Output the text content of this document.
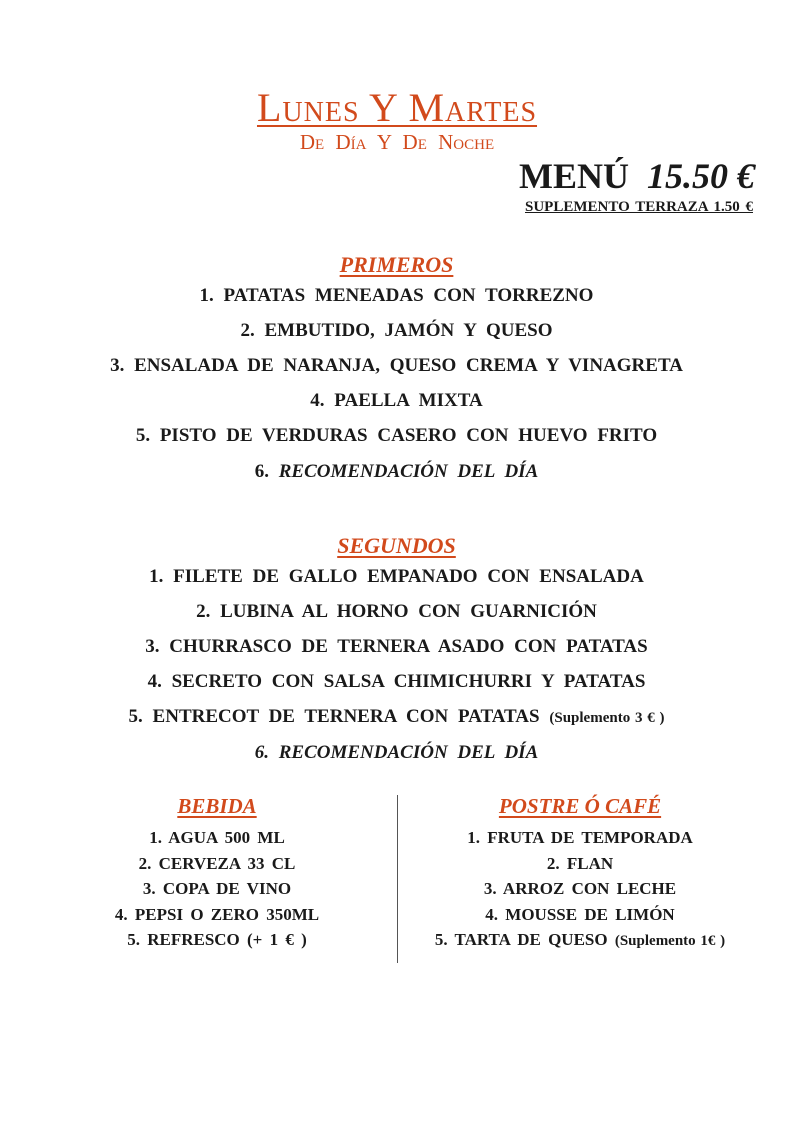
Lunes Y Martes
De Día Y De Noche
MENÚ 15.50 €
SUPLEMENTO TERRAZA 1.50 €
PRIMEROS
1. PATATAS MENEADAS CON TORREZNO
2. EMBUTIDO, JAMÓN Y QUESO
3. ENSALADA DE NARANJA, QUESO CREMA Y VINAGRETA
4. PAELLA MIXTA
5. PISTO DE VERDURAS CASERO CON HUEVO FRITO
6. RECOMENDACIÓN DEL DÍA
SEGUNDOS
1. FILETE DE GALLO EMPANADO CON ENSALADA
2. LUBINA AL HORNO CON GUARNICIÓN
3. CHURRASCO DE TERNERA ASADO CON PATATAS
4. SECRETO CON SALSA CHIMICHURRI Y PATATAS
5. ENTRECOT DE TERNERA CON PATATAS (Suplemento 3 € )
6. RECOMENDACIÓN DEL DÍA
BEBIDA
1. AGUA 500 ML
2. CERVEZA 33 CL
3. COPA DE VINO
4. PEPSI O ZERO 350ML
5. REFRESCO (+ 1 € )
POSTRE Ó CAFÉ
1. FRUTA DE TEMPORADA
2. FLAN
3. ARROZ CON LECHE
4. MOUSSE DE LIMÓN
5. TARTA DE QUESO (Suplemento 1€ )
